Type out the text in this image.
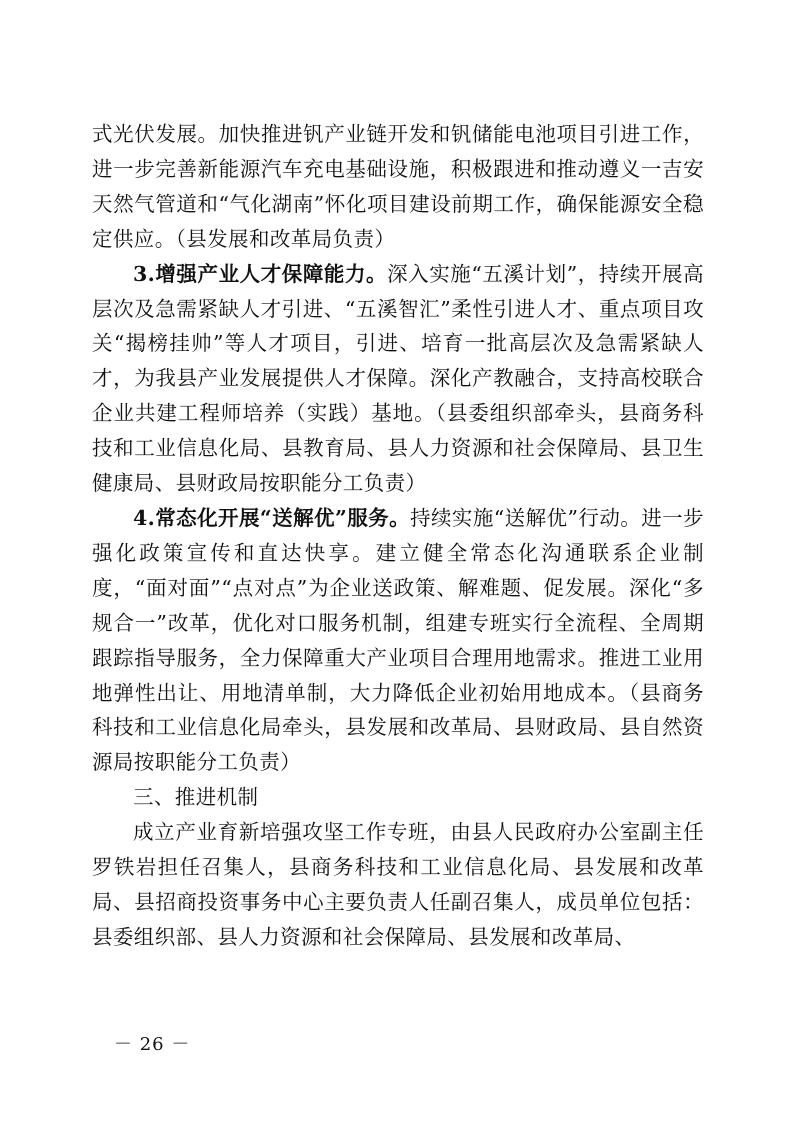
式光伏发展。加快推进钒产业链开发和钒储能电池项目引进工作，进一步完善新能源汽车充电基础设施，积极跟进和推动遵义一吉安天然气管道和“气化湖南”怀化项目建设前期工作，确保能源安全稳定供应。（县发展和改革局负责）

3.增强产业人才保障能力。深入实施“五溪计划”，持续开展高层次及急需紧缺人才引进、“五溪智汇”柔性引进人才、重点项目攻关“揭榜挂帅”等人才项目，引进、培育一批高层次及急需紧缺人才，为我县产业发展提供人才保障。深化产教融合，支持高校联合企业共建工程师培养（实践）基地。（县委组织部牵头，县商务科技和工业信息化局、县教育局、县人力资源和社会保障局、县卫生健康局、县财政局按职能分工负责）

4.常态化开展“送解优”服务。持续实施“送解优”行动。进一步强化政策宣传和直达快享。建立健全常态化沟通联系企业制度，“面对面”“点对点”为企业送政策、解难题、促发展。深化“多规合一”改革，优化对口服务机制，组建专班实行全流程、全周期跟踪指导服务，全力保障重大产业项目合理用地需求。推进工业用地弹性出让、用地清单制，大力降低企业初始用地成本。（县商务科技和工业信息化局牵头，县发展和改革局、县财政局、县自然资源局按职能分工负责）

三、推进机制

成立产业育新培强攻坚工作专班，由县人民政府办公室副主任罗铁岩担任召集人，县商务科技和工业信息化局、县发展和改革局、县招商投资事务中心主要负责人任副召集人，成员单位包括：县委组织部、县人力资源和社会保障局、县发展和改革局、

－ 26 －
